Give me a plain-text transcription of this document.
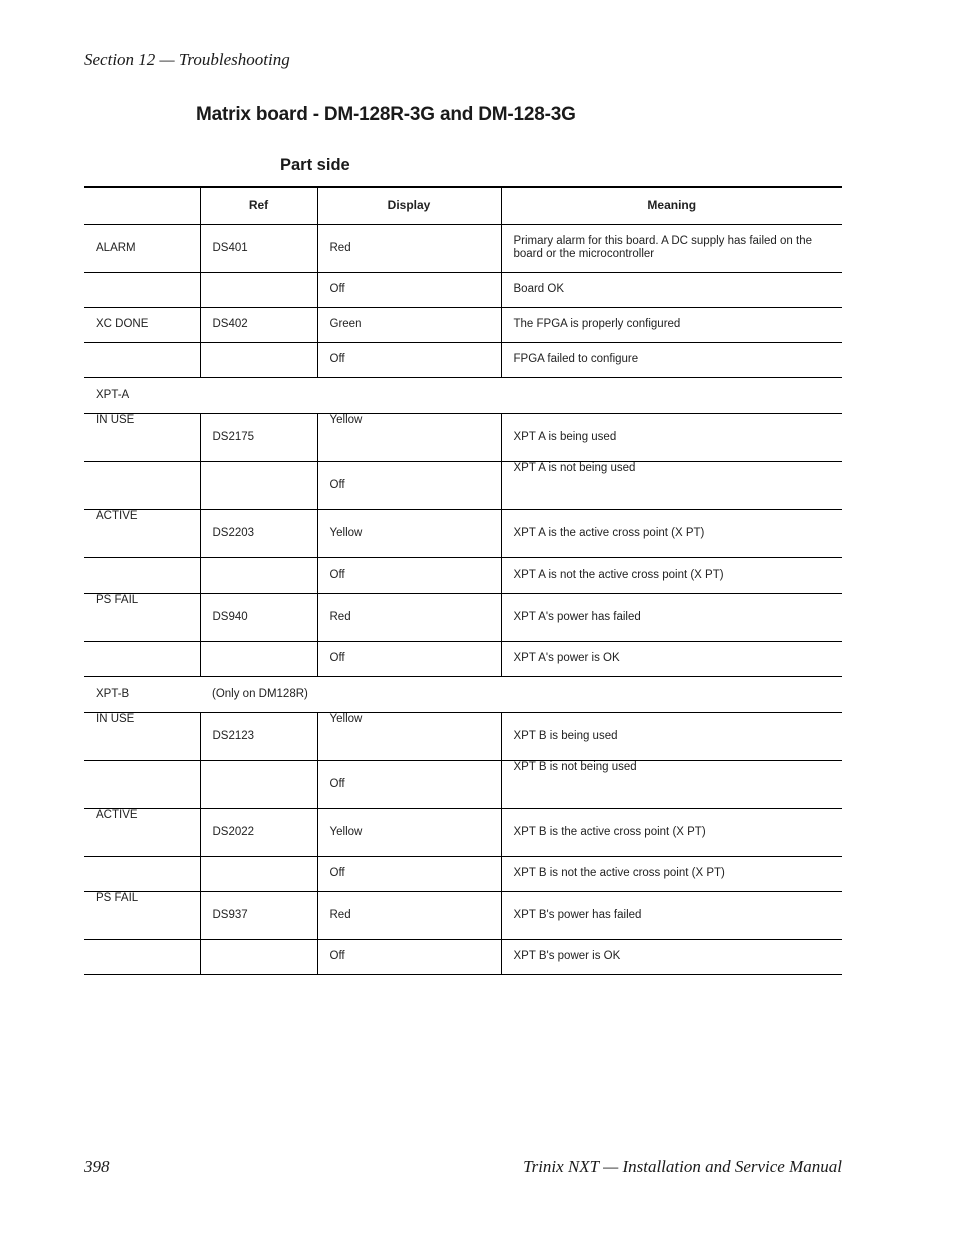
Section 12 — Troubleshooting
Matrix board - DM-128R-3G and DM-128-3G
Part side
	Ref	Display	Meaning
ALARM	DS401	Red	Primary alarm for this board. A DC supply has failed on the board or the microcontroller
		Off	Board OK
XC DONE	DS402	Green	The FPGA is properly configured
		Off	FPGA failed to configure
XPT-A			
IN USE	DS2175	Yellow	XPT A is being used
		Off	XPT A is not being used
ACTIVE	DS2203	Yellow	XPT A is the active cross point (X PT)
		Off	XPT A is not the active cross point (X PT)
PS FAIL	DS940	Red	XPT A's power has failed
		Off	XPT A's power is OK
XPT-B	(Only on DM128R)		
IN USE	DS2123	Yellow	XPT B is being used
		Off	XPT B is not being used
ACTIVE	DS2022	Yellow	XPT B is the active cross point (X PT)
		Off	XPT B is not the active cross point (X PT)
PS FAIL	DS937	Red	XPT B's power has failed
		Off	XPT B's power is OK
398	Trinix NXT — Installation and Service Manual
